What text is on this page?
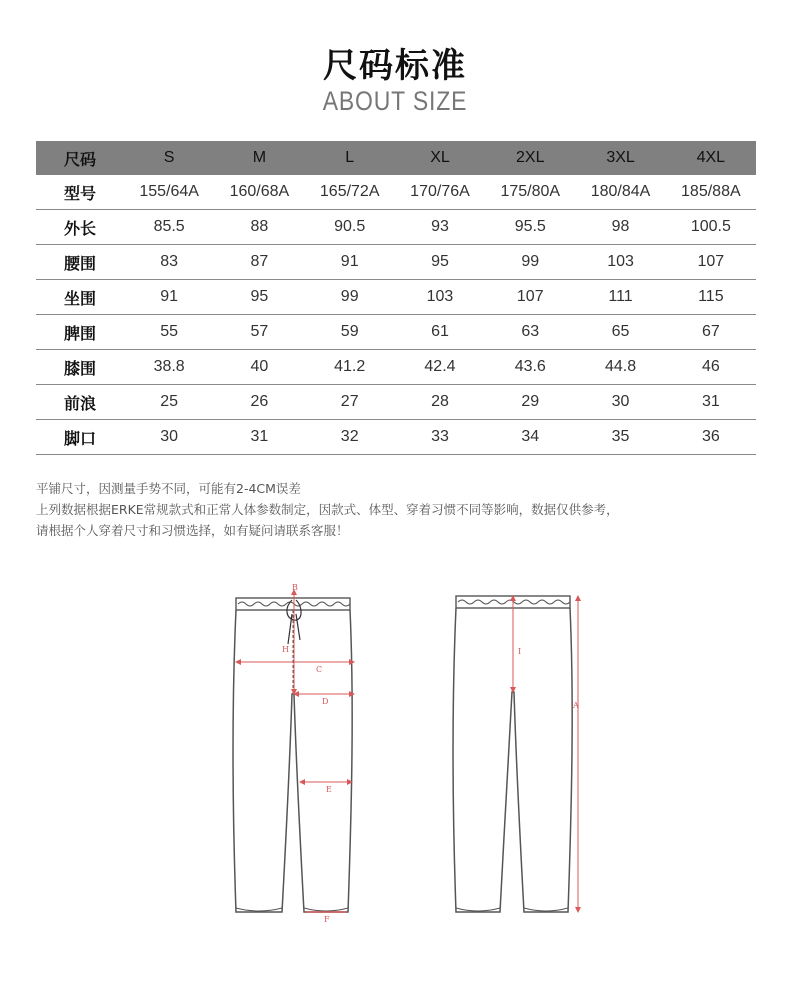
尺码标准
ABOUT SIZE
尺码	S	M	L	XL	2XL	3XL	4XL
型号	155/64A	160/68A	165/72A	170/76A	175/80A	180/84A	185/88A
外长	85.5	88	90.5	93	95.5	98	100.5
腰围	83	87	91	95	99	103	107
坐围	91	95	99	103	107	111	115
脾围	55	57	59	61	63	65	67
膝围	38.8	40	41.2	42.4	43.6	44.8	46
前浪	25	26	27	28	29	30	31
脚口	30	31	32	33	34	35	36
平铺尺寸，因测量手势不同，可能有2-4CM误差
上列数据根据ERKE常规款式和正常人体参数制定，因款式、体型、穿着习惯不同等影响，数据仅供参考，
请根据个人穿着尺寸和习惯选择，如有疑问请联系客服！
B
H
C
D
E
F
I
A
